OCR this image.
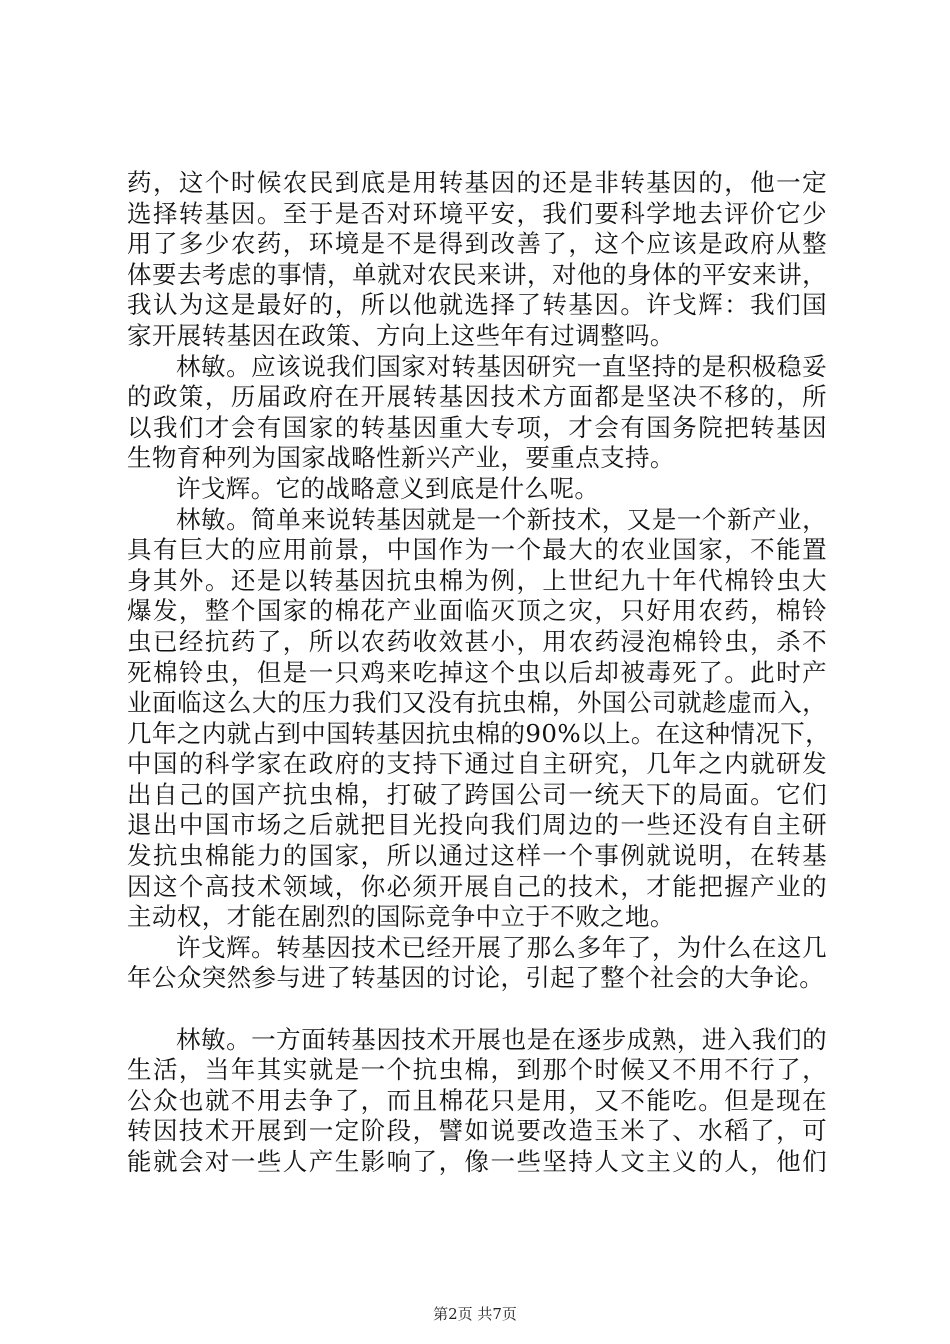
药，这个时候农民到底是用转基因的还是非转基因的，他一定
选择转基因。至于是否对环境平安，我们要科学地去评价它少
用了多少农药，环境是不是得到改善了，这个应该是政府从整
体要去考虑的事情，单就对农民来讲，对他的身体的平安来讲，
我认为这是最好的，所以他就选择了转基因。许戈辉：我们国
家开展转基因在政策、方向上这些年有过调整吗。
林敏。应该说我们国家对转基因研究一直坚持的是积极稳妥
的政策，历届政府在开展转基因技术方面都是坚决不移的，所
以我们才会有国家的转基因重大专项，才会有国务院把转基因
生物育种列为国家战略性新兴产业，要重点支持。
许戈辉。它的战略意义到底是什么呢。
林敏。简单来说转基因就是一个新技术，又是一个新产业，
具有巨大的应用前景，中国作为一个最大的农业国家，不能置
身其外。还是以转基因抗虫棉为例，上世纪九十年代棉铃虫大
爆发，整个国家的棉花产业面临灭顶之灾，只好用农药，棉铃
虫已经抗药了，所以农药收效甚小，用农药浸泡棉铃虫，杀不
死棉铃虫，但是一只鸡来吃掉这个虫以后却被毒死了。此时产
业面临这么大的压力我们又没有抗虫棉，外国公司就趁虚而入，
几年之内就占到中国转基因抗虫棉的90%以上。在这种情况下，
中国的科学家在政府的支持下通过自主研究，几年之内就研发
出自己的国产抗虫棉，打破了跨国公司一统天下的局面。它们
退出中国市场之后就把目光投向我们周边的一些还没有自主研
发抗虫棉能力的国家，所以通过这样一个事例就说明，在转基
因这个高技术领域，你必须开展自己的技术，才能把握产业的
主动权，才能在剧烈的国际竞争中立于不败之地。
许戈辉。转基因技术已经开展了那么多年了，为什么在这几
年公众突然参与进了转基因的讨论，引起了整个社会的大争论。
林敏。一方面转基因技术开展也是在逐步成熟，进入我们的
生活，当年其实就是一个抗虫棉，到那个时候又不用不行了，
公众也就不用去争了，而且棉花只是用，又不能吃。但是现在
转因技术开展到一定阶段，譬如说要改造玉米了、水稻了，可
能就会对一些人产生影响了，像一些坚持人文主义的人，他们
第2页 共7页
